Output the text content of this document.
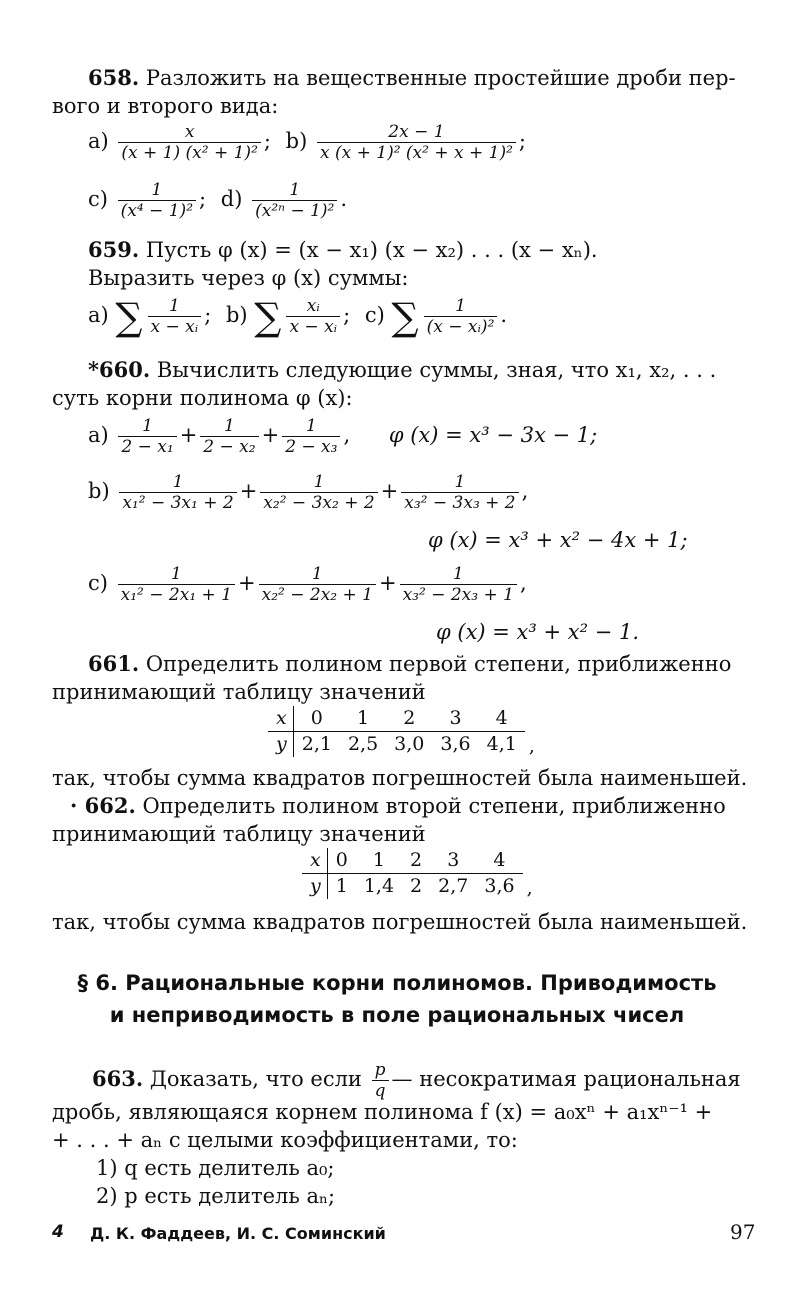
658. Разложить на вещественные простейшие дроби пер-
вого и второго вида:
$a) \frac{x}{\text{(x + 1) (x² + 1)²}}$ ; $b) \frac{2x - 1}{\text{x (x + 1)² (x² + x + 1)²}}$ ;
$c) \frac{1}{\text{(x⁴ − 1)²}}$ ; $d) \frac{1}{\text{(x²ⁿ − 1)²}}$ .
659. Пусть φ (x) = (x − x₁) (x − x₂) . . . (x − xₙ).
Выразить через φ (x) суммы:
a) ∑ $\frac{1}{\text{x − xᵢ}}$ ; b) ∑ $\frac{\text{xᵢ}}{\text{x − xᵢ}}$ ; c) ∑ $\frac{1}{\text{(x − xᵢ)²}}$ .
*660. Вычислить следующие суммы, зная, что x₁, x₂, . . .
суть корни полинома φ (x):
$a) \frac{1}{\text{2 − x₁}} + \frac{1}{\text{2 − x₂}} + \frac{1}{\text{2 − x₃}}$ , φ (x) = x³ − 3x − 1;
$b) \frac{1}{\text{x₁² − 3x₁ + 2}} + \frac{1}{\text{x₂² − 3x₂ + 2}} + \frac{1}{\text{x₃² − 3x₃ + 2}}$ ,
φ (x) = x³ + x² − 4x + 1;
$c) \frac{1}{\text{x₁² − 2x₁ + 1}} + \frac{1}{\text{x₂² − 2x₂ + 1}} + \frac{1}{\text{x₃² − 2x₃ + 1}}$ ,
φ (x) = x³ + x² − 1.
661. Определить полином первой степени, приближенно
принимающий таблицу значений
x	0	1	2	3	4
y	2,1	2,5	3,0	3,6	4,1 ,
так, чтобы сумма квадратов погрешностей была наименьшей.
· 662. Определить полином второй степени, приближенно
принимающий таблицу значений
x	0	1	2	3	4
y	1	1,4	2	2,7	3,6 ,
так, чтобы сумма квадратов погрешностей была наименьшей.
§ 6. Рациональные корни полиномов. Приводимость
и неприводимость в поле рациональных чисел
663. Доказать, что если $\frac{p}{q}$ — несократимая рациональная
дробь, являющаяся корнем полинома f (x) = a₀xⁿ + a₁xⁿ⁻¹ +
+ . . . + aₙ с целыми коэффициентами, то:
1) q есть делитель a₀;
2) p есть делитель aₙ;
4 Д. К. Фаддеев, И. С. Соминский	97
